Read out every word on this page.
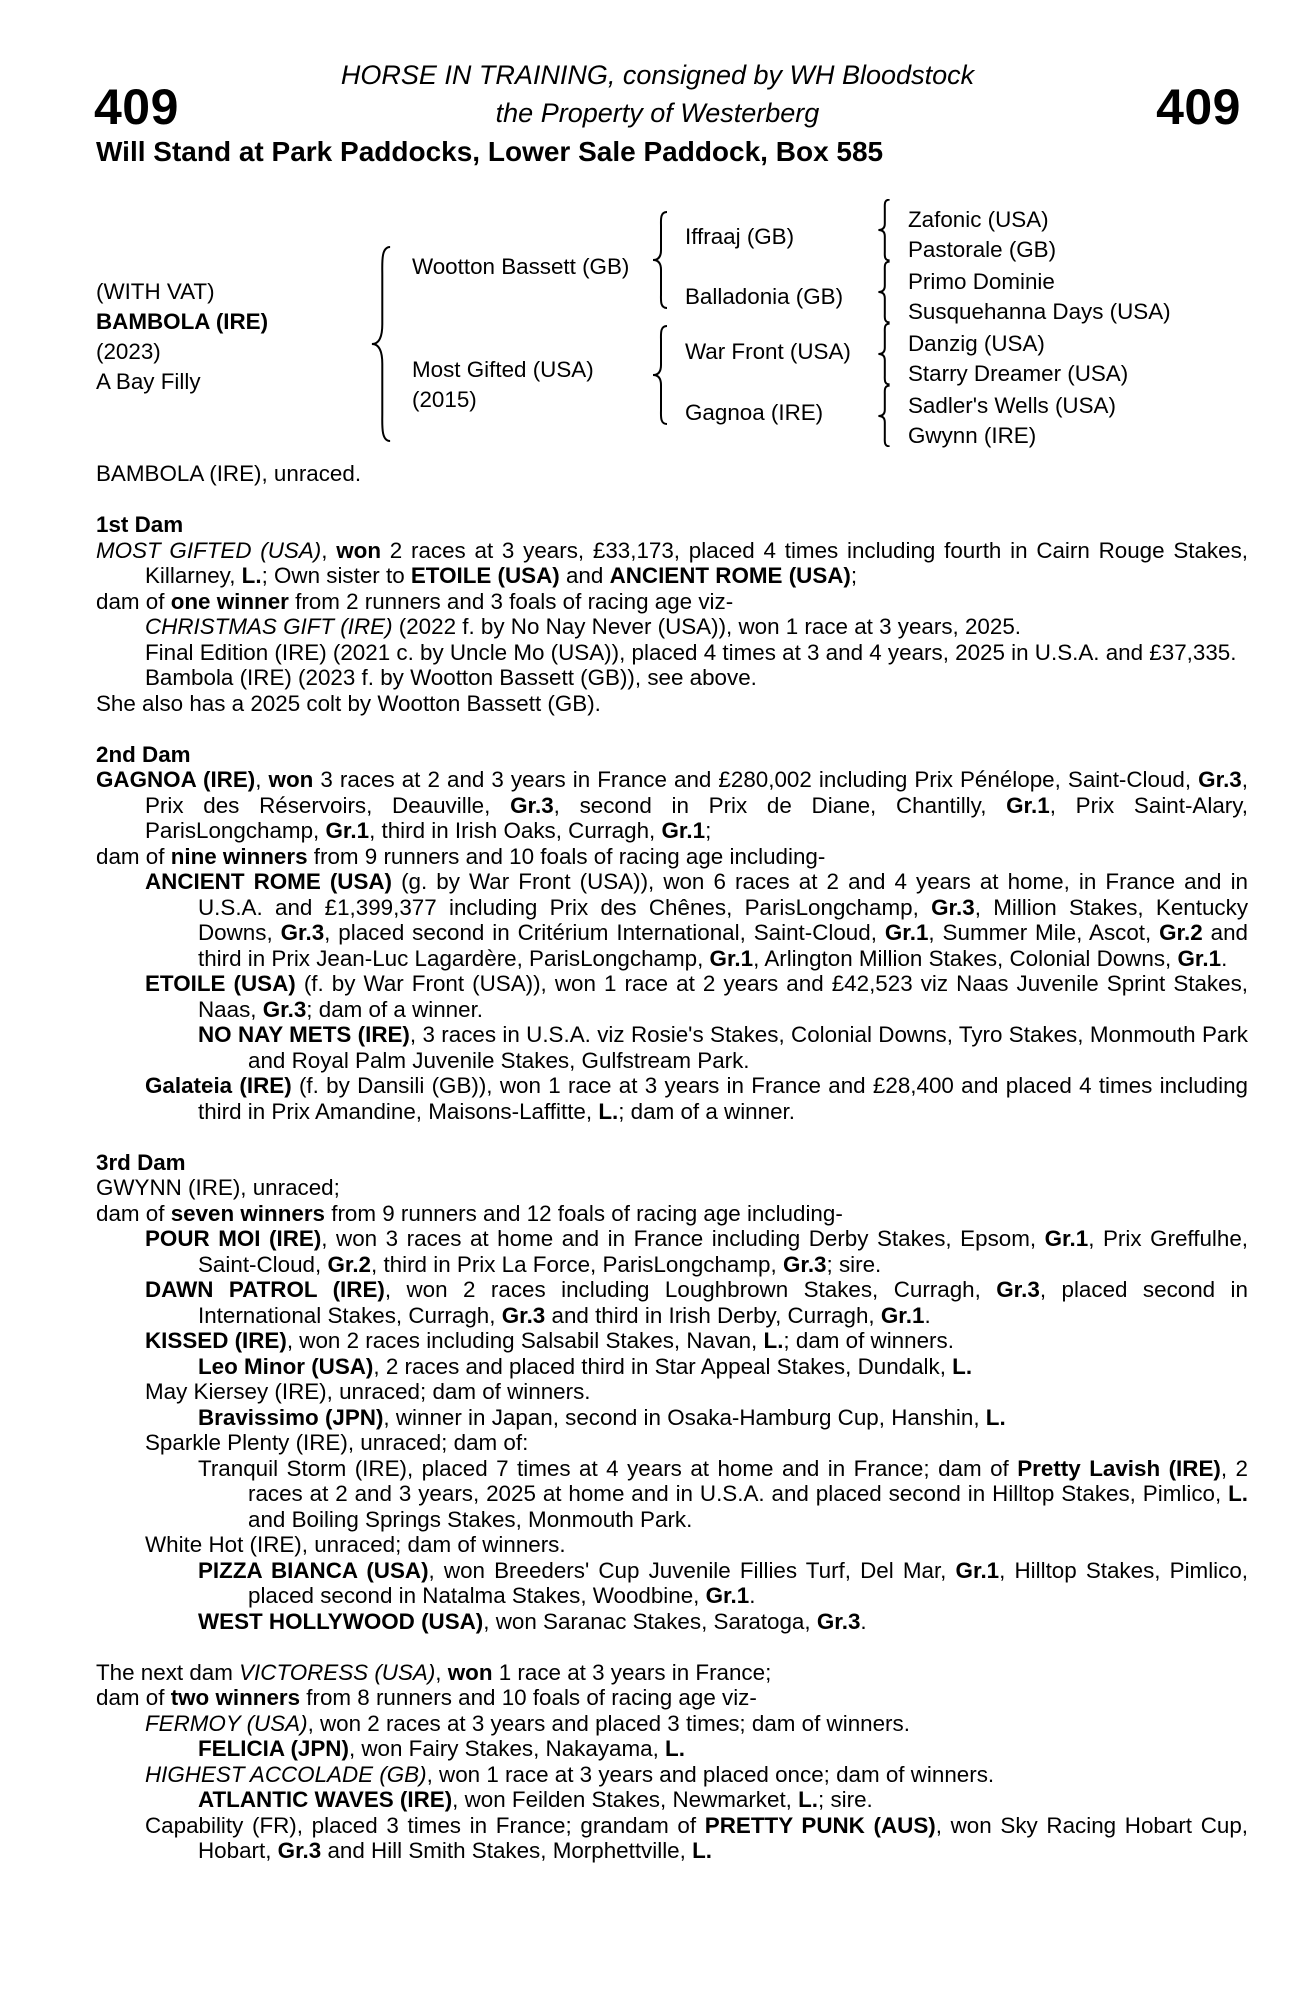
HORSE IN TRAINING, consigned by WH Bloodstock
409	the Property of Westerberg	409
Will Stand at Park Paddocks, Lower Sale Paddock, Box 585
(WITH VAT)
BAMBOLA (IRE)
(2023)
A Bay Filly
Wootton Bassett (GB)
Most Gifted (USA)
(2015)
Iffraaj (GB)
Balladonia (GB)
War Front (USA)
Gagnoa (IRE)
Zafonic (USA)
Pastorale (GB)
Primo Dominie
Susquehanna Days (USA)
Danzig (USA)
Starry Dreamer (USA)
Sadler's Wells (USA)
Gwynn (IRE)
BAMBOLA (IRE), unraced.
1st Dam
MOST GIFTED (USA), won 2 races at 3 years, £33,173, placed 4 times including fourth in Cairn Rouge Stakes, Killarney, L.; Own sister to ETOILE (USA) and ANCIENT ROME (USA);
dam of one winner from 2 runners and 3 foals of racing age viz-
CHRISTMAS GIFT (IRE) (2022 f. by No Nay Never (USA)), won 1 race at 3 years, 2025.
Final Edition (IRE) (2021 c. by Uncle Mo (USA)), placed 4 times at 3 and 4 years, 2025 in U.S.A. and £37,335.
Bambola (IRE) (2023 f. by Wootton Bassett (GB)), see above.
She also has a 2025 colt by Wootton Bassett (GB).
2nd Dam
GAGNOA (IRE), won 3 races at 2 and 3 years in France and £280,002 including Prix Pénélope, Saint-Cloud, Gr.3, Prix des Réservoirs, Deauville, Gr.3, second in Prix de Diane, Chantilly, Gr.1, Prix Saint-Alary, ParisLongchamp, Gr.1, third in Irish Oaks, Curragh, Gr.1;
dam of nine winners from 9 runners and 10 foals of racing age including-
ANCIENT ROME (USA) (g. by War Front (USA)), won 6 races at 2 and 4 years at home, in France and in U.S.A. and £1,399,377 including Prix des Chênes, ParisLongchamp, Gr.3, Million Stakes, Kentucky Downs, Gr.3, placed second in Critérium International, Saint-Cloud, Gr.1, Summer Mile, Ascot, Gr.2 and third in Prix Jean-Luc Lagardère, ParisLongchamp, Gr.1, Arlington Million Stakes, Colonial Downs, Gr.1.
ETOILE (USA) (f. by War Front (USA)), won 1 race at 2 years and £42,523 viz Naas Juvenile Sprint Stakes, Naas, Gr.3; dam of a winner.
NO NAY METS (IRE), 3 races in U.S.A. viz Rosie's Stakes, Colonial Downs, Tyro Stakes, Monmouth Park and Royal Palm Juvenile Stakes, Gulfstream Park.
Galateia (IRE) (f. by Dansili (GB)), won 1 race at 3 years in France and £28,400 and placed 4 times including third in Prix Amandine, Maisons-Laffitte, L.; dam of a winner.
3rd Dam
GWYNN (IRE), unraced;
dam of seven winners from 9 runners and 12 foals of racing age including-
POUR MOI (IRE), won 3 races at home and in France including Derby Stakes, Epsom, Gr.1, Prix Greffulhe, Saint-Cloud, Gr.2, third in Prix La Force, ParisLongchamp, Gr.3; sire.
DAWN PATROL (IRE), won 2 races including Loughbrown Stakes, Curragh, Gr.3, placed second in International Stakes, Curragh, Gr.3 and third in Irish Derby, Curragh, Gr.1.
KISSED (IRE), won 2 races including Salsabil Stakes, Navan, L.; dam of winners.
Leo Minor (USA), 2 races and placed third in Star Appeal Stakes, Dundalk, L.
May Kiersey (IRE), unraced; dam of winners.
Bravissimo (JPN), winner in Japan, second in Osaka-Hamburg Cup, Hanshin, L.
Sparkle Plenty (IRE), unraced; dam of:
Tranquil Storm (IRE), placed 7 times at 4 years at home and in France; dam of Pretty Lavish (IRE), 2 races at 2 and 3 years, 2025 at home and in U.S.A. and placed second in Hilltop Stakes, Pimlico, L. and Boiling Springs Stakes, Monmouth Park.
White Hot (IRE), unraced; dam of winners.
PIZZA BIANCA (USA), won Breeders' Cup Juvenile Fillies Turf, Del Mar, Gr.1, Hilltop Stakes, Pimlico, placed second in Natalma Stakes, Woodbine, Gr.1.
WEST HOLLYWOOD (USA), won Saranac Stakes, Saratoga, Gr.3.
The next dam VICTORESS (USA), won 1 race at 3 years in France;
dam of two winners from 8 runners and 10 foals of racing age viz-
FERMOY (USA), won 2 races at 3 years and placed 3 times; dam of winners.
FELICIA (JPN), won Fairy Stakes, Nakayama, L.
HIGHEST ACCOLADE (GB), won 1 race at 3 years and placed once; dam of winners.
ATLANTIC WAVES (IRE), won Feilden Stakes, Newmarket, L.; sire.
Capability (FR), placed 3 times in France; grandam of PRETTY PUNK (AUS), won Sky Racing Hobart Cup, Hobart, Gr.3 and Hill Smith Stakes, Morphettville, L.
